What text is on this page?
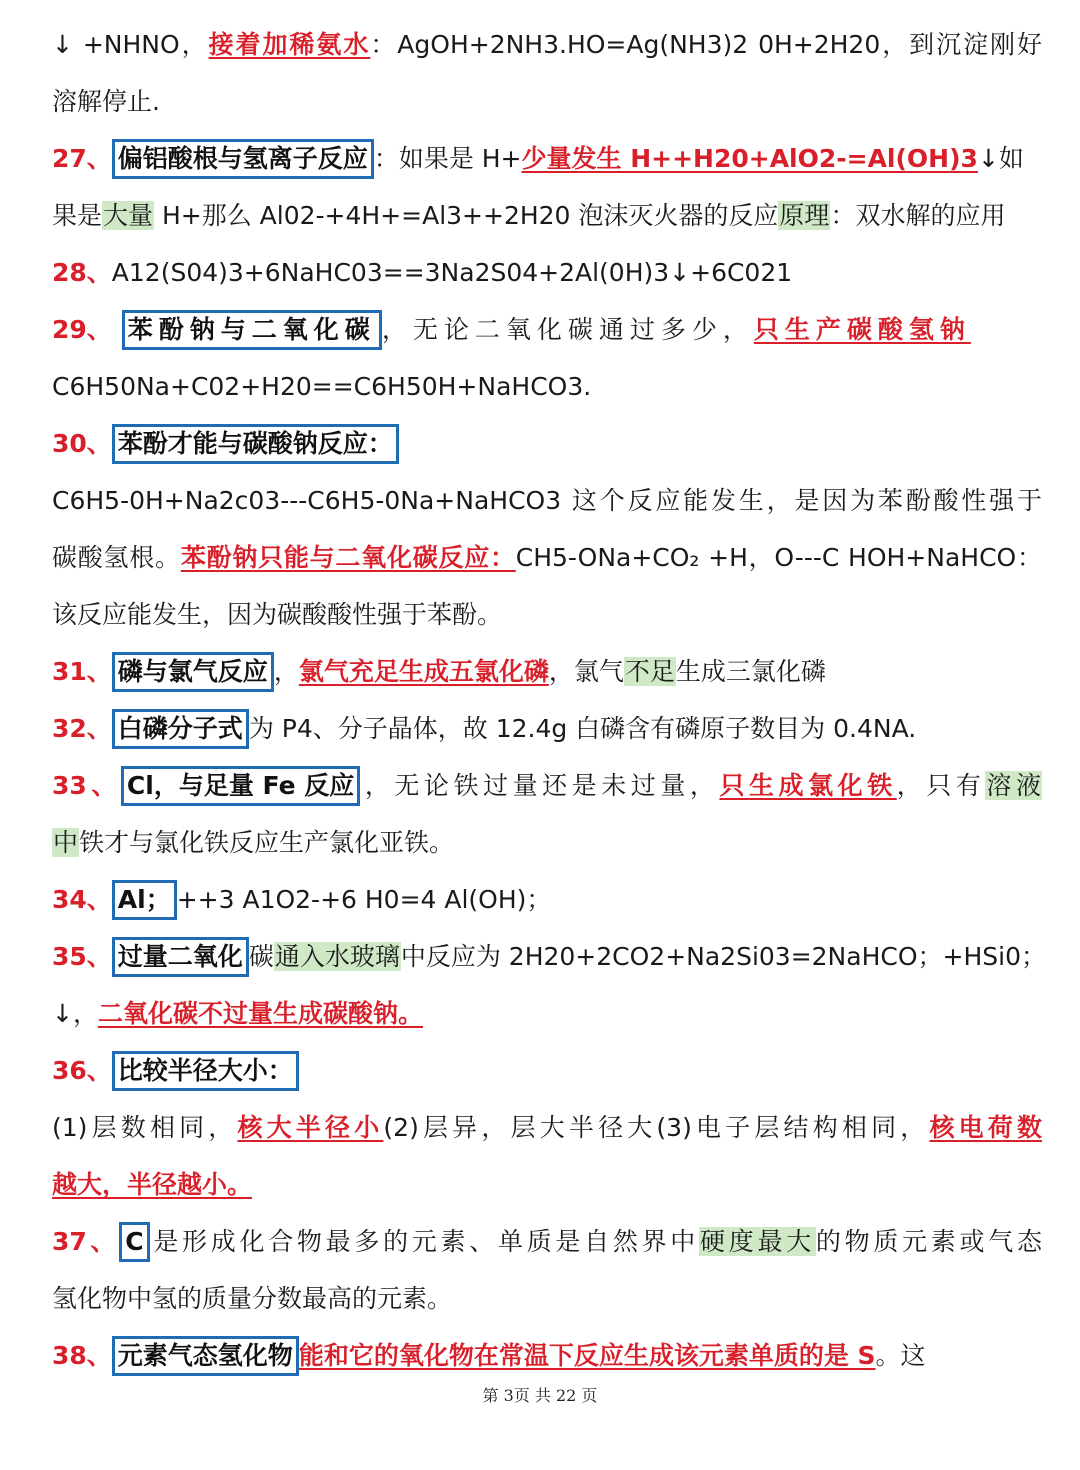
↓ +NHNO，接着加稀氨水：AgOH+2NH3.HO=Ag(NH3)2 0H+2H20，到沉淀刚好
溶解停止.
27、 偏铝酸根与氢离子反应 ：如果是 H+少量发生 H++H20+AlO2-=Al(OH)3↓如
果是大量 H+那么 Al02-+4H+=Al3++2H20 泡沫灭火器的反应原理：双水解的应用
28、A12(S04)3+6NaHC03==3Na2S04+2Al(0H)3↓+6C021
29、 苯酚钠与二氧化碳 ，无论二氧化碳通过多少，只生产碳酸氢钠
C6H50Na+C02+H20==C6H50H+NaHCO3.
30、 苯酚才能与碳酸钠反应：
C6H5-0H+Na2c03---C6H5-0Na+NaHCO3 这个反应能发生，是因为苯酚酸性强于
碳酸氢根。苯酚钠只能与二氧化碳反应：CH5-ONa+CO₂ +H，O---C HOH+NaHCO：
该反应能发生，因为碳酸酸性强于苯酚。
31、 磷与氯气反应 ，氯气充足生成五氯化磷，氯气不足生成三氯化磷
32、 白磷分子式 为 P4、分子晶体，故 12.4g 白磷含有磷原子数目为 0.4NA.
33、 Cl，与足量 Fe 反应 ，无论铁过量还是未过量，只生成氯化铁，只有溶液
中铁才与氯化铁反应生产氯化亚铁。
34、 Al； ++3 A1O2-+6 H0=4 Al(OH)；
35、 过量二氧化 碳通入水玻璃中反应为 2H20+2CO2+Na2Si03=2NaHCO；+HSi0；
↓，二氧化碳不过量生成碳酸钠。
36、 比较半径大小：
(1)层数相同，核大半径小(2)层异，层大半径大(3)电子层结构相同，核电荷数
越大，半径越小。
37、 C 是形成化合物最多的元素、单质是自然界中硬度最大的物质元素或气态
氢化物中氢的质量分数最高的元素。
38、 元素气态氢化物 能和它的氧化物在常温下反应生成该元素单质的是 S。这
第 3页 共 22 页
